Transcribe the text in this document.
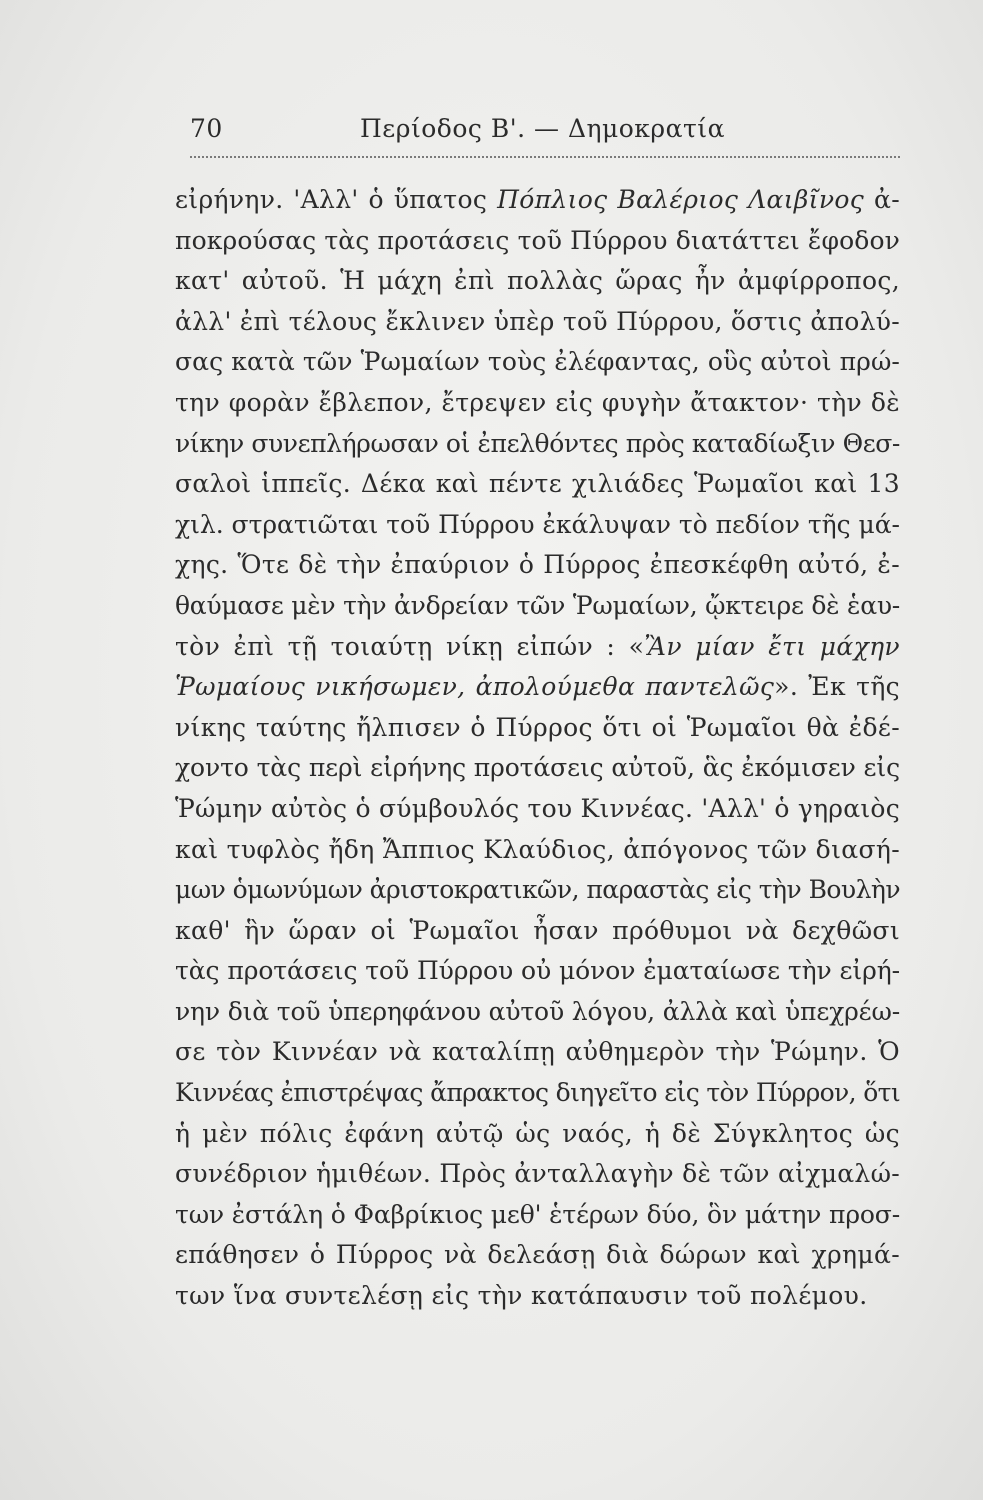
70	Περίοδος Β'. — Δημοκρατία
εἰρήνην. 'Αλλ' ὁ ὕπατος Πόπλιος Βαλέριος Λαιβῖνος ἀ-
ποκρούσας τὰς προτάσεις τοῦ Πύρρου διατάττει ἔφοδον
κατ' αὐτοῦ. Ἡ μάχη ἐπὶ πολλὰς ὥρας ἦν ἀμφίρροπος,
ἀλλ' ἐπὶ τέλους ἔκλινεν ὑπὲρ τοῦ Πύρρου, ὅστις ἀπολύ-
σας κατὰ τῶν Ῥωμαίων τοὺς ἐλέφαντας, οὓς αὐτοὶ πρώ-
την φορὰν ἔβλεπον, ἔτρεψεν εἰς φυγὴν ἄτακτον· τὴν δὲ
νίκην συνεπλήρωσαν οἱ ἐπελθόντες πρὸς καταδίωξιν Θεσ-
σαλοὶ ἱππεῖς. Δέκα καὶ πέντε χιλιάδες Ῥωμαῖοι καὶ 13
χιλ. στρατιῶται τοῦ Πύρρου ἐκάλυψαν τὸ πεδίον τῆς μά-
χης. Ὅτε δὲ τὴν ἐπαύριον ὁ Πύρρος ἐπεσκέφθη αὐτό, ἐ-
θαύμασε μὲν τὴν ἀνδρείαν τῶν Ῥωμαίων, ᾤκτειρε δὲ ἑαυ-
τὸν ἐπὶ τῇ τοιαύτῃ νίκῃ εἰπών : «Ἂν μίαν ἔτι μάχην
Ῥωμαίους νικήσωμεν, ἀπολούμεθα παντελῶς». Ἐκ τῆς
νίκης ταύτης ἤλπισεν ὁ Πύρρος ὅτι οἱ Ῥωμαῖοι θὰ ἐδέ-
χοντο τὰς περὶ εἰρήνης προτάσεις αὐτοῦ, ἃς ἐκόμισεν εἰς
Ῥώμην αὐτὸς ὁ σύμβουλός του Κιννέας. 'Αλλ' ὁ γηραιὸς
καὶ τυφλὸς ἤδη Ἄππιος Κλαύδιος, ἀπόγονος τῶν διασή-
μων ὁμωνύμων ἀριστοκρατικῶν, παραστὰς εἰς τὴν Βουλὴν
καθ' ἣν ὥραν οἱ Ῥωμαῖοι ἦσαν πρόθυμοι νὰ δεχθῶσι
τὰς προτάσεις τοῦ Πύρρου οὐ μόνον ἐματαίωσε τὴν εἰρή-
νην διὰ τοῦ ὑπερηφάνου αὐτοῦ λόγου, ἀλλὰ καὶ ὑπεχρέω-
σε τὸν Κιννέαν νὰ καταλίπῃ αὐθημερὸν τὴν Ῥώμην. Ὁ
Κιννέας ἐπιστρέψας ἄπρακτος διηγεῖτο εἰς τὸν Πύρρον, ὅτι
ἡ μὲν πόλις ἐφάνη αὐτῷ ὡς ναός, ἡ δὲ Σύγκλητος ὡς
συνέδριον ἡμιθέων. Πρὸς ἀνταλλαγὴν δὲ τῶν αἰχμαλώ-
των ἐστάλη ὁ Φαβρίκιος μεθ' ἑτέρων δύο, ὃν μάτην προσ-
επάθησεν ὁ Πύρρος νὰ δελεάσῃ διὰ δώρων καὶ χρημά-
των ἵνα συντελέσῃ εἰς τὴν κατάπαυσιν τοῦ πολέμου.
